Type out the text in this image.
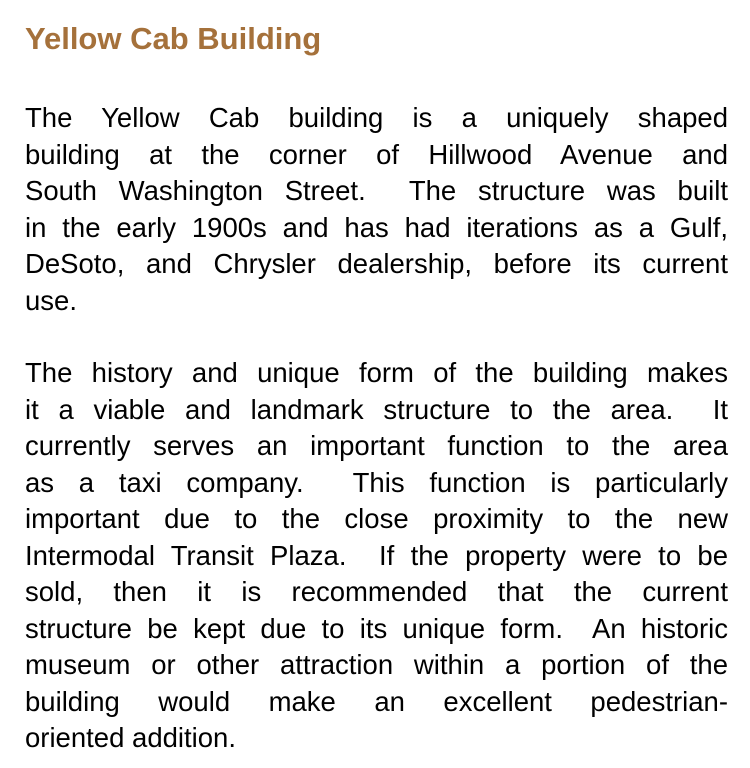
Yellow Cab Building
The Yellow Cab building is a uniquely shaped
building at the corner of Hillwood Avenue and
South Washington Street.  The structure was built
in the early 1900s and has had iterations as a Gulf,
DeSoto, and Chrysler dealership, before its current
use.
The history and unique form of the building makes
it a viable and landmark structure to the area.  It
currently serves an important function to the area
as a taxi company.  This function is particularly
important due to the close proximity to the new
Intermodal Transit Plaza.  If the property were to be
sold, then it is recommended that the current
structure be kept due to its unique form.  An historic
museum or other attraction within a portion of the
building would make an excellent pedestrian-
oriented addition.
